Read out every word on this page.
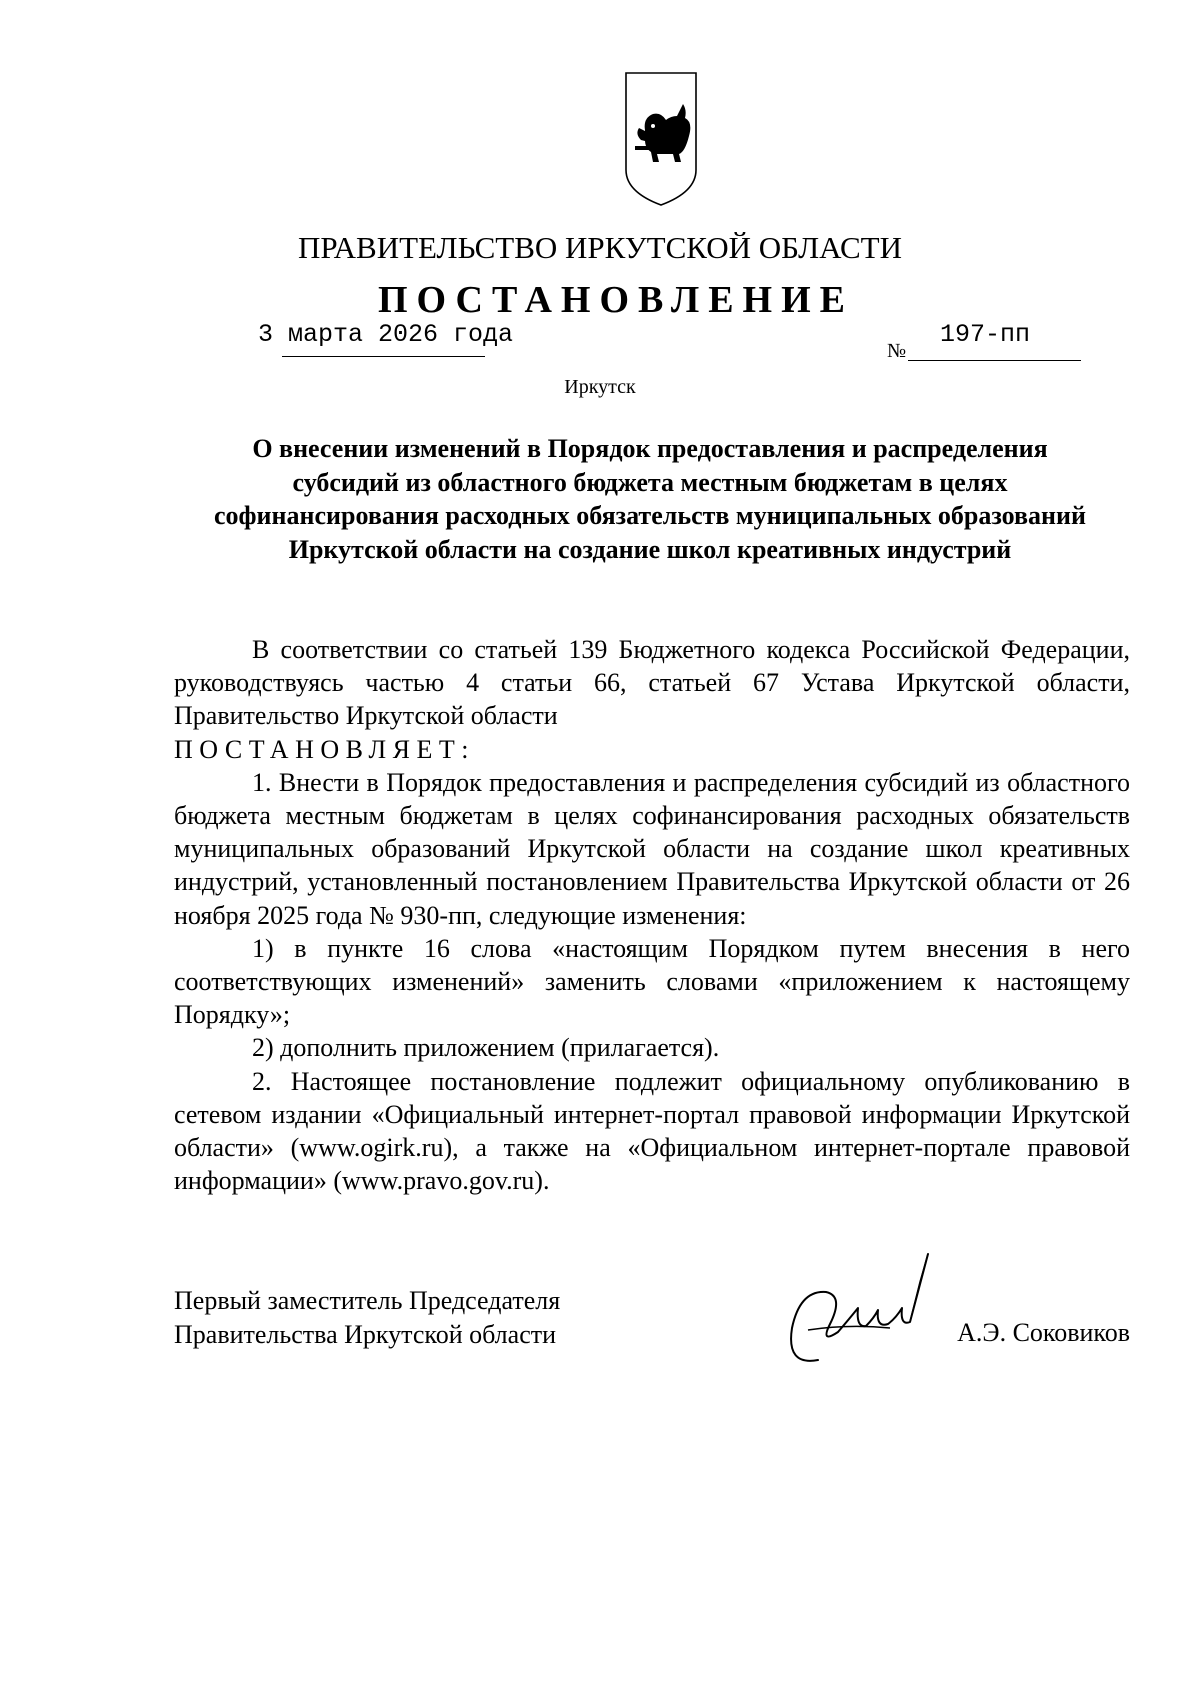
ПРАВИТЕЛЬСТВО ИРКУТСКОЙ ОБЛАСТИ
ПОСТАНОВЛЕНИЕ
3 марта 2026 года
№
197-пп
Иркутск
О внесении изменений в Порядок предоставления и распределения субсидий из областного бюджета местным бюджетам в целях софинансирования расходных обязательств муниципальных образований Иркутской области на создание школ креативных индустрий

В соответствии со статьей 139 Бюджетного кодекса Российской Федерации, руководствуясь частью 4 статьи 66, статьей 67 Устава Иркутской области, Правительство Иркутской области

ПОСТАНОВЛЯЕТ:

1. Внести в Порядок предоставления и распределения субсидий из областного бюджета местным бюджетам в целях софинансирования расходных обязательств муниципальных образований Иркутской области на создание школ креативных индустрий, установленный постановлением Правительства Иркутской области от 26 ноября 2025 года № 930-пп, следующие изменения:

1) в пункте 16 слова «настоящим Порядком путем внесения в него соответствующих изменений» заменить словами «приложением к настоящему Порядку»;

2) дополнить приложением (прилагается).

2. Настоящее постановление подлежит официальному опубликованию в сетевом издании «Официальный интернет-портал правовой информации Иркутской области» (www.ogirk.ru), а также на «Официальном интернет-портале правовой информации» (www.pravo.gov.ru).

Первый заместитель Председателя
Правительства Иркутской области	А.Э. Соковиков
